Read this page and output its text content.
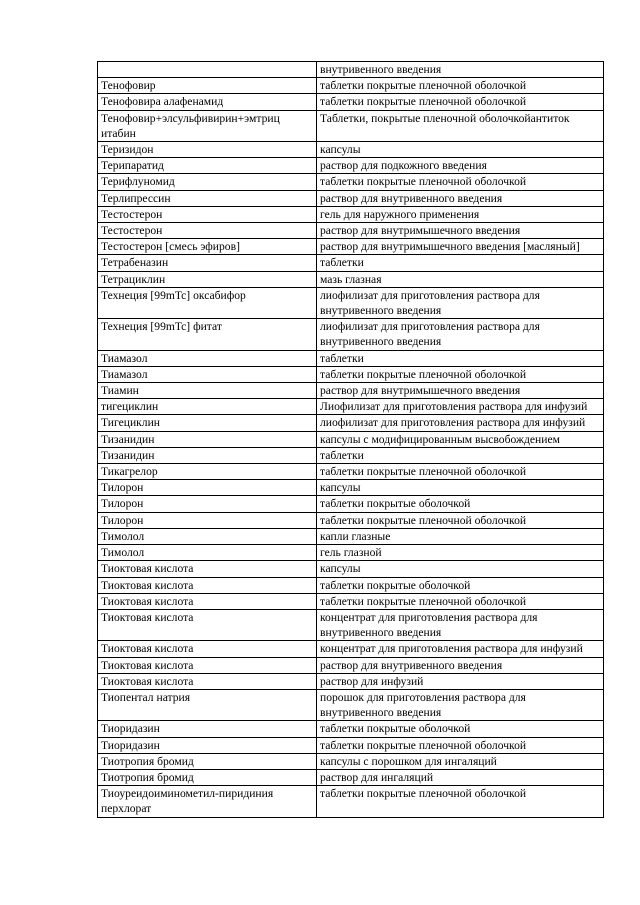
	внутривенного введения
Тенофовир	таблетки покрытые пленочной оболочкой
Тенофовира алафенамид	таблетки покрытые пленочной оболочкой
Тенофовир+элсульфивирин+эмтриц итабин	Таблетки, покрытые пленочной оболочкойантиток
Теризидон	капсулы
Терипаратид	раствор для подкожного введения
Терифлуномид	таблетки покрытые пленочной оболочкой
Терлипрессин	раствор для внутривенного введения
Тестостерон	гель для наружного применения
Тестостерон	раствор для внутримышечного введения
Тестостерон [смесь эфиров]	раствор для внутримышечного введения [масляный]
Тетрабеназин	таблетки
Тетрациклин	мазь глазная
Технеция [99mTc] оксабифор	лиофилизат для приготовления раствора для внутривенного введения
Технеция [99mTc] фитат	лиофилизат для приготовления раствора для внутривенного введения
Тиамазол	таблетки
Тиамазол	таблетки покрытые пленочной оболочкой
Тиамин	раствор для внутримышечного введения
тигециклин	Лиофилизат для приготовления раствора для инфузий
Тигециклин	лиофилизат для приготовления раствора для инфузий
Тизанидин	капсулы с модифицированным высвобождением
Тизанидин	таблетки
Тикагрелор	таблетки покрытые пленочной оболочкой
Тилорон	капсулы
Тилорон	таблетки покрытые оболочкой
Тилорон	таблетки покрытые пленочной оболочкой
Тимолол	капли глазные
Тимолол	гель глазной
Тиоктовая кислота	капсулы
Тиоктовая кислота	таблетки покрытые оболочкой
Тиоктовая кислота	таблетки покрытые пленочной оболочкой
Тиоктовая кислота	концентрат для приготовления раствора для внутривенного введения
Тиоктовая кислота	концентрат для приготовления раствора для инфузий
Тиоктовая кислота	раствор для внутривенного введения
Тиоктовая кислота	раствор для инфузий
Тиопентал натрия	порошок для приготовления раствора для внутривенного введения
Тиоридазин	таблетки покрытые оболочкой
Тиоридазин	таблетки покрытые пленочной оболочкой
Тиотропия бромид	капсулы с порошком для ингаляций
Тиотропия бромид	раствор для ингаляций
Тиоуреидоиминометил-пиридиния перхлорат	таблетки покрытые пленочной оболочкой
